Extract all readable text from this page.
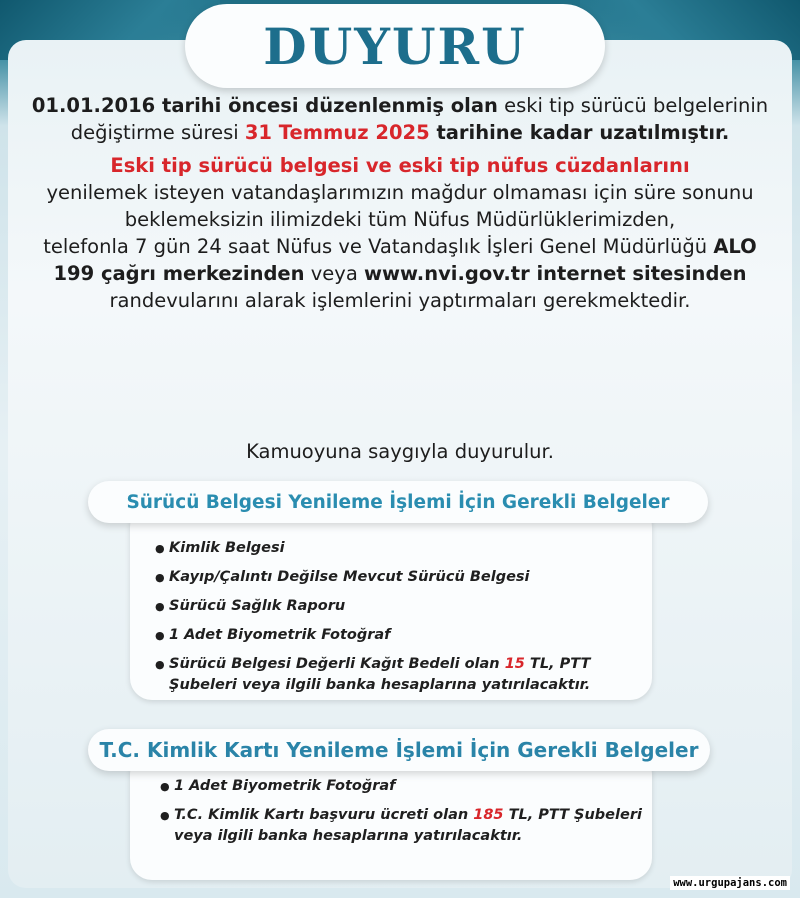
DUYURU

01.01.2016 tarihi öncesi düzenlenmiş olan eski tip sürücü belgelerinin değiştirme süresi 31 Temmuz 2025 tarihine kadar uzatılmıştır.

Eski tip sürücü belgesi ve eski tip nüfus cüzdanlarını
yenilemek isteyen vatandaşlarımızın mağdur olmaması için süre sonunu beklemeksizin ilimizdeki tüm Nüfus Müdürlüklerimizden,

telefonla 7 gün 24 saat Nüfus ve Vatandaşlık İşleri Genel Müdürlüğü ALO 199 çağrı merkezinden veya www.nvi.gov.tr internet sitesinden randevularını alarak işlemlerini yaptırmaları gerekmektedir.

Kamuoyuna saygıyla duyurulur.
Sürücü Belgesi Yenileme İşlemi İçin Gerekli Belgeler
● Kimlik Belgesi
● Kayıp/Çalıntı Değilse Mevcut Sürücü Belgesi
● Sürücü Sağlık Raporu
● 1 Adet Biyometrik Fotoğraf
● Sürücü Belgesi Değerli Kağıt Bedeli olan 15 TL, PTT Şubeleri veya ilgili banka hesaplarına yatırılacaktır.
T.C. Kimlik Kartı Yenileme İşlemi İçin Gerekli Belgeler
● 1 Adet Biyometrik Fotoğraf
● T.C. Kimlik Kartı başvuru ücreti olan 185 TL, PTT Şubeleri veya ilgili banka hesaplarına yatırılacaktır.
www.urgupajans.com
